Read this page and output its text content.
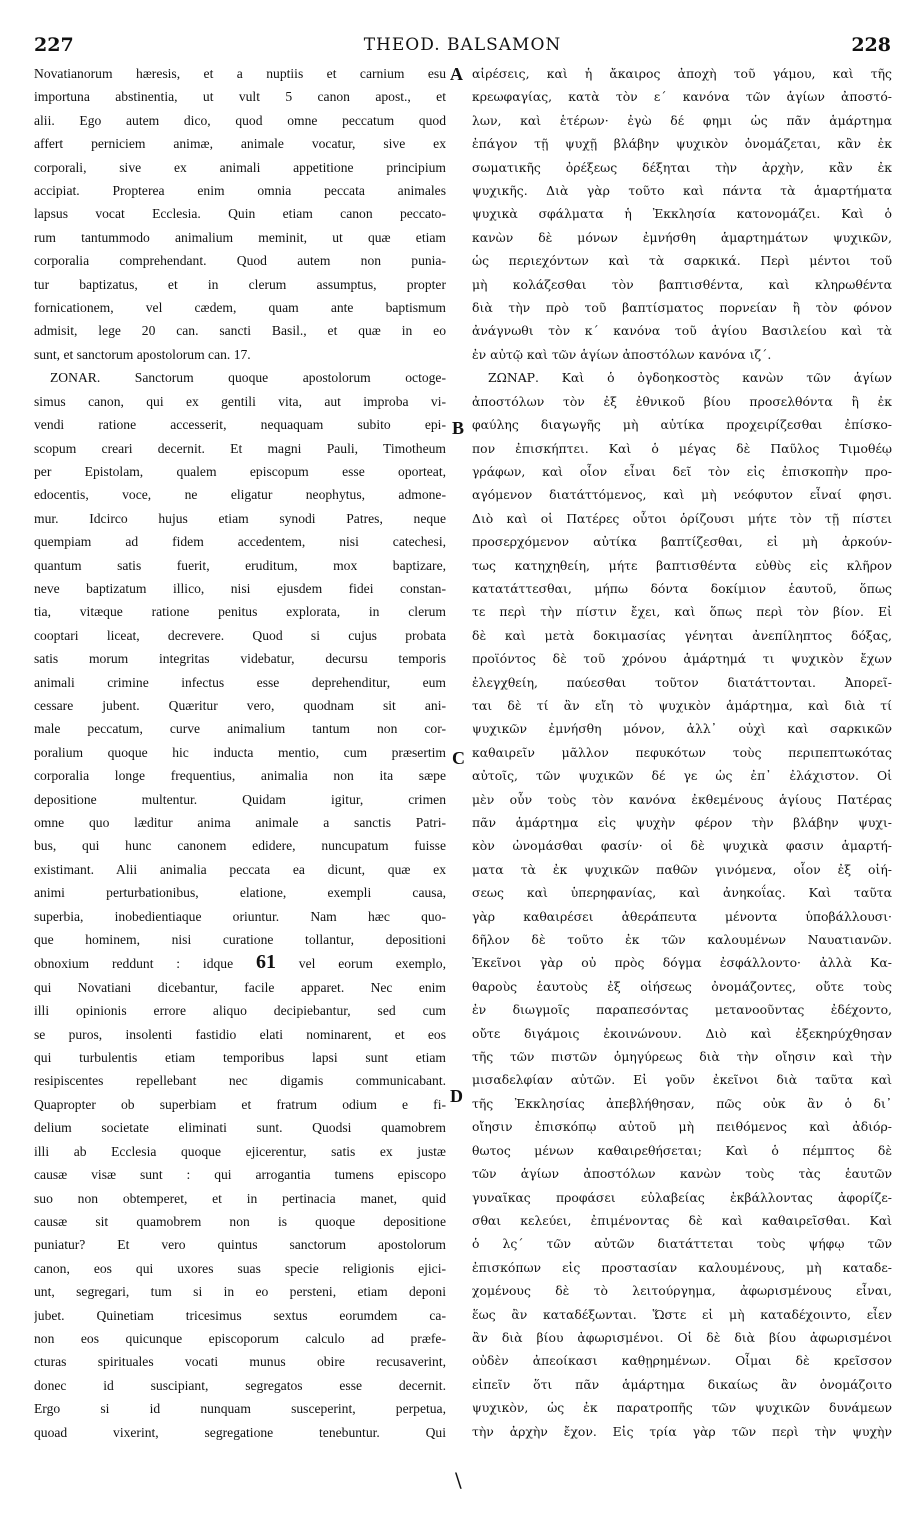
227	THEOD. BALSAMON	228
Novatianorum hæresis, et a nuptiis et carnium esu
importuna abstinentia, ut vult 5 canon apost., et
alii. Ego autem dico, quod omne peccatum quod
affert perniciem animæ, animale vocatur, sive ex
corporali, sive ex animali appetitione principium
accipiat. Propterea enim omnia peccata animales
lapsus vocat Ecclesia. Quin etiam canon peccato-
rum tantummodo animalium meminit, ut quæ etiam
corporalia comprehendant. Quod autem non punia-
tur baptizatus, et in clerum assumptus, propter
fornicationem, vel cædem, quam ante baptismum
admisit, lege 20 can. sancti Basil., et quæ in eo
sunt, et sanctorum apostolorum can. 17.
ZONAR. Sanctorum quoque apostolorum octoge-
simus canon, qui ex gentili vita, aut improba vi-
vendi ratione accesserit, nequaquam subito epi-
scopum creari decernit. Et magni Pauli, Timotheum
per Epistolam, qualem episcopum esse oporteat,
edocentis, voce, ne eligatur neophytus, admone-
mur. Idcirco hujus etiam synodi Patres, neque
quempiam ad fidem accedentem, nisi catechesi,
quantum satis fuerit, eruditum, mox baptizare,
neve baptizatum illico, nisi ejusdem fidei constan-
tia, vitæque ratione penitus explorata, in clerum
cooptari liceat, decrevere. Quod si cujus probata
satis morum integritas videbatur, decursu temporis
animali crimine infectus esse deprehenditur, eum
cessare jubent. Quæritur vero, quodnam sit ani-
male peccatum, curve animalium tantum non cor-
poralium quoque hic inducta mentio, cum præsertim
corporalia longe frequentius, animalia non ita sæpe
depositione multentur. Quidam igitur, crimen
omne quo læditur anima animale a sanctis Patri-
bus, qui hunc canonem edidere, nuncupatum fuisse
existimant. Alii animalia peccata ea dicunt, quæ ex
animi perturbationibus, elatione, exempli causa,
superbia, inobedientiaque oriuntur. Nam hæc quo-
que hominem, nisi curatione tollantur, depositioni
obnoxium reddunt : idque 61 vel eorum exemplo,
qui Novatiani dicebantur, facile apparet. Nec enim
illi opinionis errore aliquo decipiebantur, sed cum
se puros, insolenti fastidio elati nominarent, et eos
qui turbulentis etiam temporibus lapsi sunt etiam
resipiscentes repellebant nec digamis communicabant.
Quapropter ob superbiam et fratrum odium e fi-
delium societate eliminati sunt. Quodsi quamobrem
illi ab Ecclesia quoque ejicerentur, satis ex justæ
causæ visæ sunt : qui arrogantia tumens episcopo
suo non obtemperet, et in pertinacia manet, quid
causæ sit quamobrem non is quoque depositione
puniatur? Et vero quintus sanctorum apostolorum
canon, eos qui uxores suas specie religionis ejici-
unt, segregari, tum si in eo persteni, etiam deponi
jubet. Quinetiam tricesimus sextus eorumdem ca-
non eos quicunque episcoporum calculo ad præfe-
cturas spirituales vocati munus obire recusaverint,
donec id suscipiant, segregatos esse decernit.
Ergo si id nunquam susceperint, perpetua,
quoad vixerint, segregatione tenebuntur. Qui
αἱρέσεις, καὶ ἡ ἄκαιρος ἀποχὴ τοῦ γάμου, καὶ τῆς
κρεωφαγίας, κατὰ τὸν ε΄ κανόνα τῶν ἁγίων ἀποστό-
λων, καὶ ἑτέρων· ἐγὼ δέ φημι ὡς πᾶν ἁμάρτημα
ἐπάγον τῇ ψυχῇ βλάβην ψυχικὸν ὀνομάζεται, κἂν ἐκ
σωματικῆς ὀρέξεως δέξηται τὴν ἀρχὴν, κἂν ἐκ
ψυχικῆς. Διὰ γὰρ τοῦτο καὶ πάντα τὰ ἁμαρτήματα
ψυχικὰ σφάλματα ἡ Ἐκκλησία κατονομάζει. Καὶ ὁ
κανὼν δὲ μόνων ἐμνήσθη ἁμαρτημάτων ψυχικῶν,
ὡς περιεχόντων καὶ τὰ σαρκικά. Περὶ μέντοι τοῦ
μὴ κολάζεσθαι τὸν βαπτισθέντα, καὶ κληρωθέντα
διὰ τὴν πρὸ τοῦ βαπτίσματος πορνείαν ἢ τὸν φόνον
ἀνάγνωθι τὸν κ΄ κανόνα τοῦ ἁγίου Βασιλείου καὶ τὰ
ἐν αὐτῷ καὶ τῶν ἁγίων ἀποστόλων κανόνα ιζ΄.
ΖΩΝΑΡ. Καὶ ὁ ὀγδοηκοστὸς κανὼν τῶν ἁγίων
ἀποστόλων τὸν ἐξ ἐθνικοῦ βίου προσελθόντα ἢ ἐκ
φαύλης διαγωγῆς μὴ αὐτίκα προχειρίζεσθαι ἐπίσκο-
πον ἐπισκήπτει. Καὶ ὁ μέγας δὲ Παῦλος Τιμοθέῳ
γράφων, καὶ οἷον εἶναι δεῖ τὸν εἰς ἐπισκοπὴν προ-
αγόμενον διατάττόμενος, καὶ μὴ νεόφυτον εἶναί φησι.
Διὸ καὶ οἱ Πατέρες οὗτοι ὁρίζουσι μήτε τὸν τῇ πίστει
προσερχόμενον αὐτίκα βαπτίζεσθαι, εἰ μὴ ἀρκούν-
τως κατηχηθείη, μήτε βαπτισθέντα εὐθὺς εἰς κλῆρον
κατατάττεσθαι, μήπω δόντα δοκίμιον ἑαυτοῦ, ὅπως
τε περὶ τὴν πίστιν ἔχει, καὶ ὅπως περὶ τὸν βίον. Εἰ
δὲ καὶ μετὰ δοκιμασίας γένηται ἀνεπίληπτος δόξας,
προϊόντος δὲ τοῦ χρόνου ἁμάρτημά τι ψυχικὸν ἔχων
ἐλεγχθείη, παύεσθαι τοῦτον διατάττονται. Ἀπορεῖ-
ται δὲ τί ἂν εἴη τὸ ψυχικὸν ἁμάρτημα, καὶ διὰ τί
ψυχικῶν ἐμνήσθη μόνον, ἀλλ᾽ οὐχὶ καὶ σαρκικῶν
καθαιρεῖν μᾶλλον πεφυκότων τοὺς περιπεπτωκότας
αὐτοῖς, τῶν ψυχικῶν δέ γε ὡς ἐπ᾽ ἐλάχιστον. Οἱ
μὲν οὖν τοὺς τὸν κανόνα ἐκθεμένους ἁγίους Πατέρας
πᾶν ἁμάρτημα εἰς ψυχὴν φέρον τὴν βλάβην ψυχι-
κὸν ὠνομάσθαι φασίν· οἱ δὲ ψυχικὰ φασιν ἁμαρτή-
ματα τὰ ἐκ ψυχικῶν παθῶν γινόμενα, οἷον ἐξ οἰή-
σεως καὶ ὑπερηφανίας, καὶ ἀνηκοΐας. Καὶ ταῦτα
γὰρ καθαιρέσει ἀθεράπευτα μένοντα ὑποβάλλουσι·
δῆλον δὲ τοῦτο ἐκ τῶν καλουμένων Ναυατιανῶν.
Ἐκεῖνοι γὰρ οὐ πρὸς δόγμα ἐσφάλλοντο· ἀλλὰ Κα-
θαροὺς ἑαυτοὺς ἐξ οἰήσεως ὀνομάζοντες, οὔτε τοὺς
ἐν διωγμοῖς παραπεσόντας μετανοοῦντας ἐδέχοντο,
οὔτε διγάμοις ἐκοινώνουν. Διὸ καὶ ἐξεκηρύχθησαν
τῆς τῶν πιστῶν ὁμηγύρεως διὰ τὴν οἴησιν καὶ τὴν
μισαδελφίαν αὐτῶν. Εἰ γοῦν ἐκεῖνοι διὰ ταῦτα καὶ
τῆς Ἐκκλησίας ἀπεβλήθησαν, πῶς οὐκ ἂν ὁ δι᾽
οἴησιν ἐπισκόπῳ αὐτοῦ μὴ πειθόμενος καὶ ἀδιόρ-
θωτος μένων καθαιρεθήσεται; Καὶ ὁ πέμπτος δὲ
τῶν ἁγίων ἀποστόλων κανὼν τοὺς τὰς ἑαυτῶν
γυναῖκας προφάσει εὐλαβείας ἐκβάλλοντας ἀφορίζε-
σθαι κελεύει, ἐπιμένοντας δὲ καὶ καθαιρεῖσθαι. Καὶ
ὁ λς΄ τῶν αὐτῶν διατάττεται τοὺς ψήφῳ τῶν
ἐπισκόπων εἰς προστασίαν καλουμένους, μὴ καταδε-
χομένους δὲ τὸ λειτούργημα, ἀφωρισμένους εἶναι,
ἕως ἂν καταδέξωνται. Ὥστε εἰ μὴ καταδέχοιντο, εἶεν
ἂν διὰ βίου ἀφωρισμένοι. Οἱ δὲ διὰ βίου ἀφωρισμένοι
οὐδὲν ἀπεοίκασι καθῃρημένων. Οἶμαι δὲ κρεῖσσον
εἰπεῖν ὅτι πᾶν ἁμάρτημα δικαίως ἂν ὀνομάζοιτο
ψυχικὸν, ὡς ἐκ παρατροπῆς τῶν ψυχικῶν δυνάμεων
τὴν ἀρχὴν ἔχον. Εἰς τρία γὰρ τῶν περὶ τὴν ψυχὴν
A
B
C
D
\
